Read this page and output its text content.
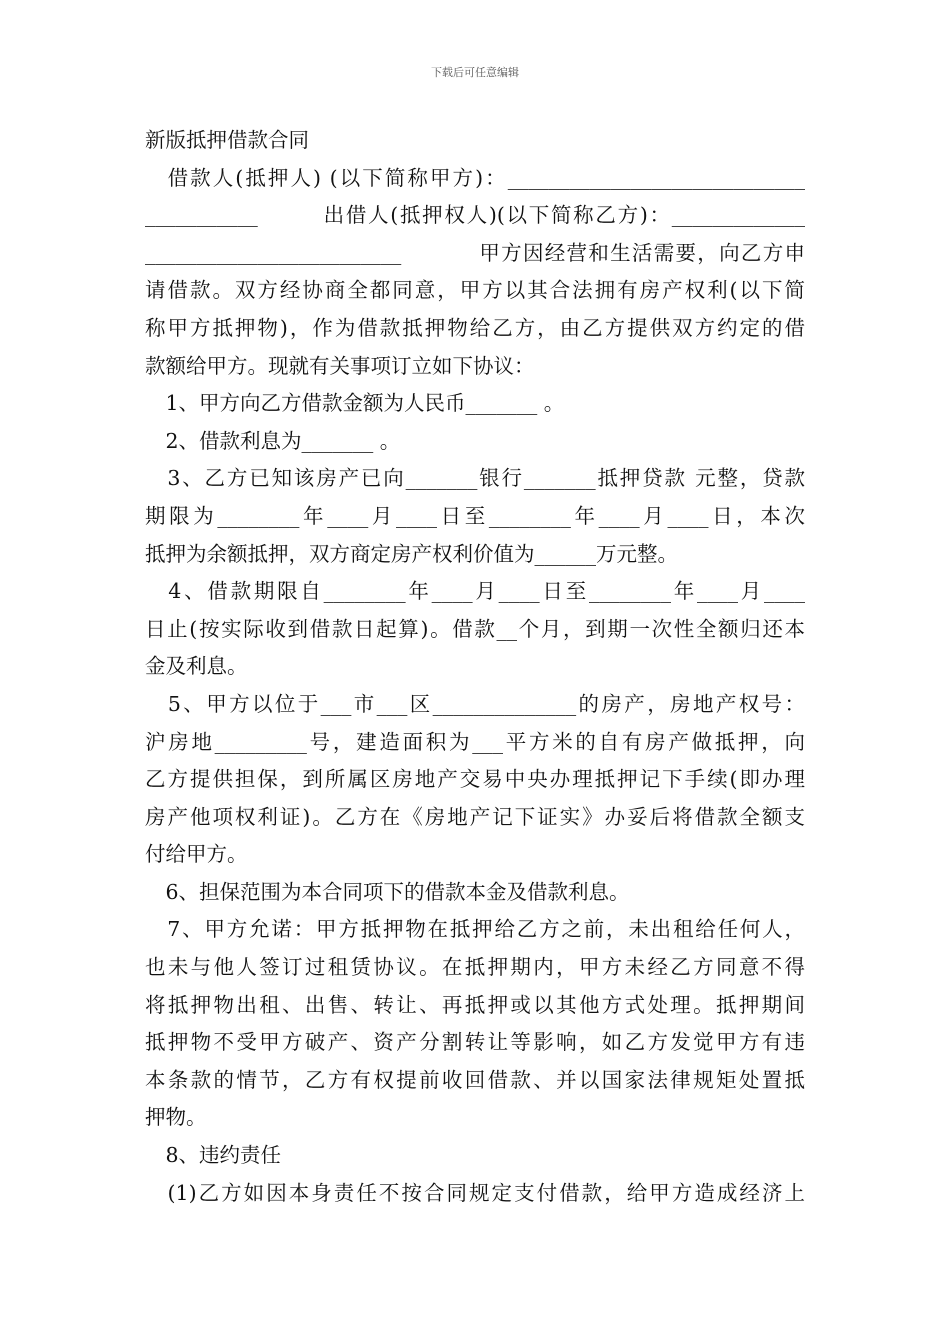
下载后可任意编辑
新版抵押借款合同
　借款人(抵押人) (以下简称甲方)：_____________________________
___________        出借人(抵押权人)(以下简称乙方)：_____________
_________________________          甲方因经营和生活需要，向乙方申
请借款。双方经协商全都同意，甲方以其合法拥有房产权利(以下简
称甲方抵押物)，作为借款抵押物给乙方，由乙方提供双方约定的借
款额给甲方。现就有关事项订立如下协议：
　1、甲方向乙方借款金额为人民币_______ 。
　2、借款利息为_______ 。
　3、乙方已知该房产已向_______银行_______抵押贷款 元整，贷款
期限为________年____月____日至________年____月____日，本次
抵押为余额抵押，双方商定房产权利价值为______万元整。
　4、借款期限自________年____月____日至________年____月____
日止(按实际收到借款日起算)。借款__个月，到期一次性全额归还本
金及利息。
　5、甲方以位于___市___区______________的房产，房地产权号：
沪房地_________号，建造面积为___平方米的自有房产做抵押，向
乙方提供担保，到所属区房地产交易中央办理抵押记下手续(即办理
房产他项权利证)。乙方在《房地产记下证实》办妥后将借款全额支
付给甲方。
　6、担保范围为本合同项下的借款本金及借款利息。
　7、甲方允诺：甲方抵押物在抵押给乙方之前，未出租给任何人，
也未与他人签订过租赁协议。在抵押期内，甲方未经乙方同意不得
将抵押物出租、出售、转让、再抵押或以其他方式处理。抵押期间
抵押物不受甲方破产、资产分割转让等影响，如乙方发觉甲方有违
本条款的情节，乙方有权提前收回借款、并以国家法律规矩处置抵
押物。
　8、违约责任
　(1)乙方如因本身责任不按合同规定支付借款，给甲方造成经济上
